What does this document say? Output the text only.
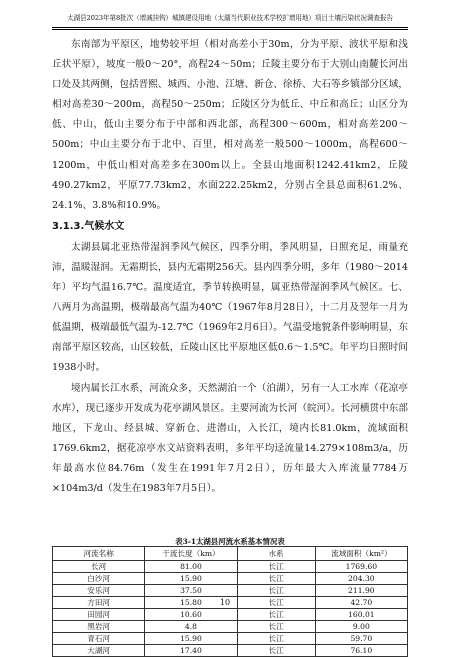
太湖县2023年第8批次（增减挂钩）城镇建设用地（太湖当代职业技术学校扩增用地）项目土壤污染状况调查报告

东南部为平原区，地势较平坦（相对高差小于30m，分为平原、波状平原和浅丘状平原），坡度一般0～20°，高程24～50m；丘陵主要分布于大别山南麓长河出口处及其两侧，包括晋熙、城西、小池、江塘、新仓、徐桥、大石等乡镇部分区域，相对高差30～200m，高程50～250m；丘陵区分为低丘、中丘和高丘；山区分为低、中山，低山主要分布于中部和西北部，高程300～600m，相对高差200～500m；中山主要分布于北中、百里，相对高差一般500～1000m，高程600～1200m，中低山相对高差多在300m以上。全县山地面积1242.41km2，丘陵490.27km2，平原77.73km2，水面222.25km2，分别占全县总面积61.2%、24.1%、3.8%和10.9%。

3.1.3.气候水文

太湖县属北亚热带湿润季风气候区，四季分明，季风明显，日照充足，雨量充沛，温暖湿润。无霜期长，县内无霜期256天。县内四季分明，多年（1980～2014年）平均气温16.7℃。温度适宜，季节转换明显，属亚热带湿润季风气候区。七、八两月为高温期，极端最高气温为40℃（1967年8月28日），十二月及翌年一月为低温期，极端最低气温为-12.7℃（1969年2月6日）。气温受地貌条件影响明显，东南部平原区较高，山区较低，丘陵山区比平原地区低0.6～1.5℃。年平均日照时间1938小时。

境内属长江水系，河流众多，天然湖泊一个（泊湖），另有一人工水库（花凉亭水库），现已逐步开发成为花亭湖风景区。主要河流为长河（皖河）。长河横贯中东部地区，下龙山、经县城、穿新仓、进潜山，入长江，境内长81.0km，流域面积1769.6km2，据花凉亭水文站资料表明，多年平均迳流量14.279×108m3/a，历年最高水位84.76m（发生在1991年7月2日），历年最大入库流量7784万×104m3/d（发生在1983年7月5日）。

表3-1太湖县河流水系基本情况表
河流名称	干流长度（km）	水系	流域面积（km²）
长河	81.00	长江	1769.60
白沙河	15.90	长江	204.30
安乐河	37.50	长江	211.90
方田河	15.80	长江	42.70
田园河	10.60	长江	160.01
黑岩河	4.8	长江	9.00
青石河	15.90	长江	59.70
大湖河	17.40	长江	76.10
10
